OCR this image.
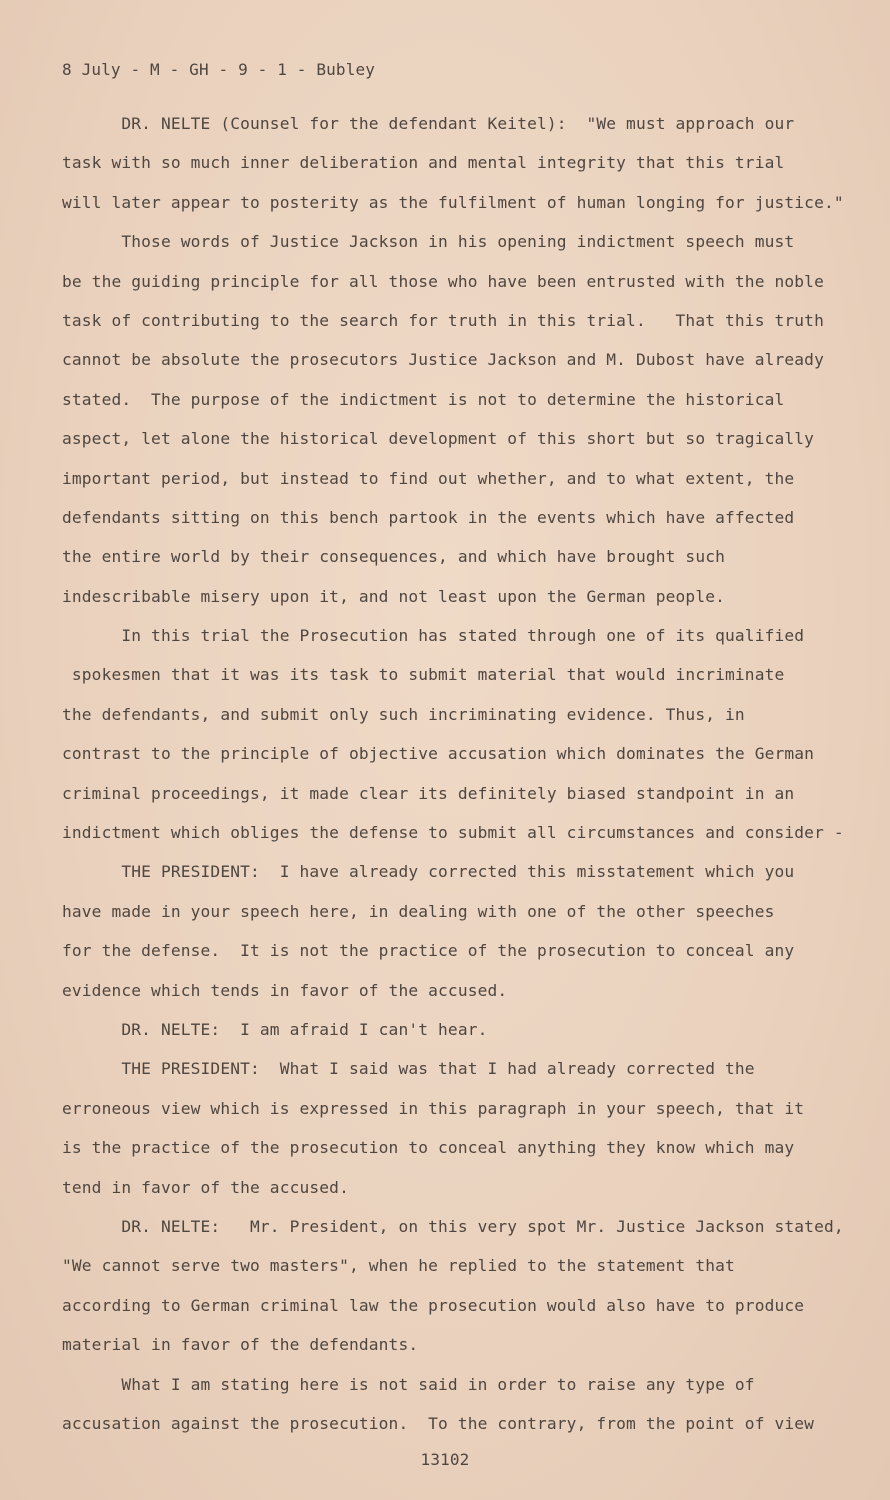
8 July - M - GH - 9 - 1 - Bubley
DR. NELTE (Counsel for the defendant Keitel):  "We must approach our
task with so much inner deliberation and mental integrity that this trial
will later appear to posterity as the fulfilment of human longing for justice."
Those words of Justice Jackson in his opening indictment speech must
be the guiding principle for all those who have been entrusted with the noble
task of contributing to the search for truth in this trial.   That this truth
cannot be absolute the prosecutors Justice Jackson and M. Dubost have already
stated.  The purpose of the indictment is not to determine the historical
aspect, let alone the historical development of this short but so tragically
important period, but instead to find out whether, and to what extent, the
defendants sitting on this bench partook in the events which have affected
the entire world by their consequences, and which have brought such
indescribable misery upon it, and not least upon the German people.
In this trial the Prosecution has stated through one of its qualified
spokesmen that it was its task to submit material that would incriminate
the defendants, and submit only such incriminating evidence. Thus, in
contrast to the principle of objective accusation which dominates the German
criminal proceedings, it made clear its definitely biased standpoint in an
indictment which obliges the defense to submit all circumstances and consider -
THE PRESIDENT:  I have already corrected this misstatement which you
have made in your speech here, in dealing with one of the other speeches
for the defense.  It is not the practice of the prosecution to conceal any
evidence which tends in favor of the accused.
DR. NELTE:  I am afraid I can't hear.
THE PRESIDENT:  What I said was that I had already corrected the
erroneous view which is expressed in this paragraph in your speech, that it
is the practice of the prosecution to conceal anything they know which may
tend in favor of the accused.
DR. NELTE:   Mr. President, on this very spot Mr. Justice Jackson stated,
"We cannot serve two masters", when he replied to the statement that
according to German criminal law the prosecution would also have to produce
material in favor of the defendants.
What I am stating here is not said in order to raise any type of
accusation against the prosecution.  To the contrary, from the point of view
13102
